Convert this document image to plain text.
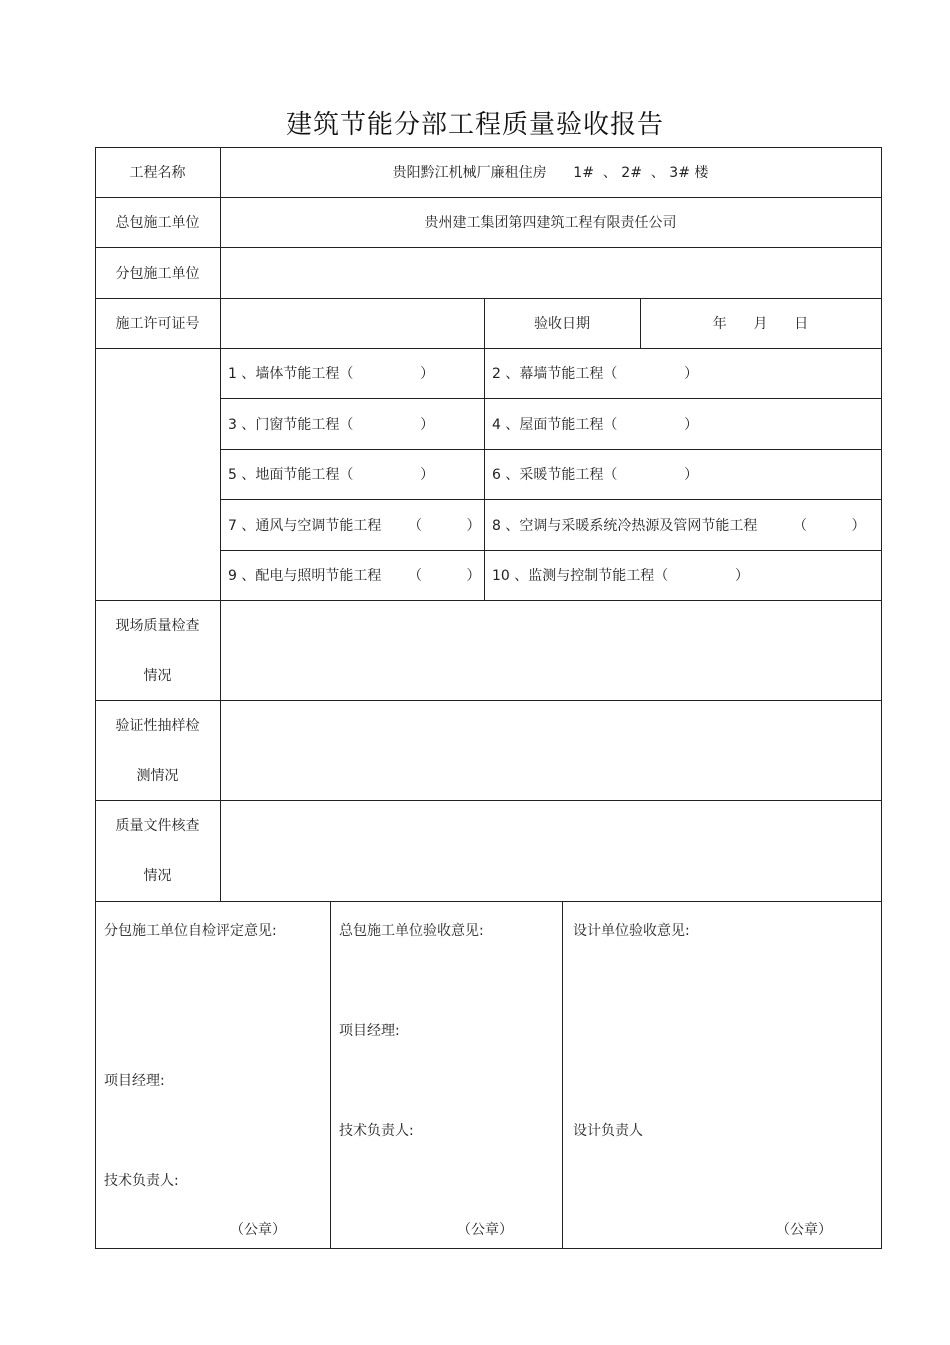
建筑节能分部工程质量验收报告
工程名称	贵阳黔江机械厂廉租住房      1#  、 2#  、 3# 楼
总包施工单位	贵州建工集团第四建筑工程有限责任公司
分包施工单位
施工许可证号	验收日期	年      月      日
1 、墙体节能工程（               ）	2 、幕墙节能工程（               ）
3 、门窗节能工程（               ）	4 、屋面节能工程（               ）
5 、地面节能工程（               ）	6 、采暖节能工程（               ）
7 、通风与空调节能工程      （          ） 8 、空调与采暖系统冷热源及管网节能工程        （          ）
9 、配电与照明节能工程      （          ） 10 、监测与控制节能工程（               ）
现场质量检查
情况
验证性抽样检
测情况
质量文件核查
情况
分包施工单位自检评定意见:
项目经理:
技术负责人:
（公章）
总包施工单位验收意见:
项目经理:
技术负责人:
（公章）
设计单位验收意见:
设计负责人
（公章）
